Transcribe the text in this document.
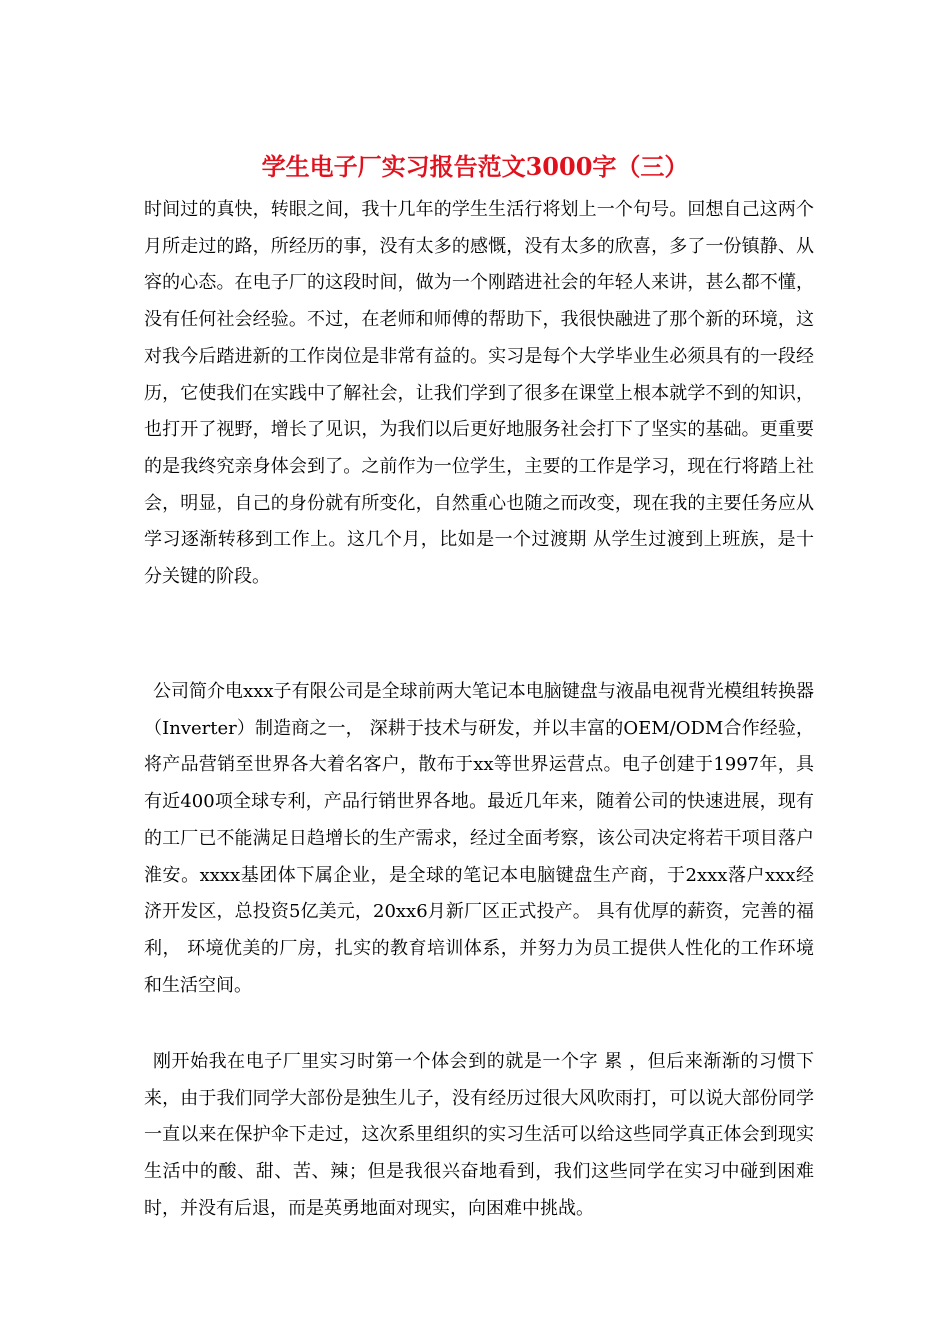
学生电子厂实习报告范文3000字（三）

时间过的真快，转眼之间，我十几年的学生生活行将划上一个句号。回想自己这两个月所走过的路，所经历的事，没有太多的感慨，没有太多的欣喜，多了一份镇静、从容的心态。在电子厂的这段时间，做为一个刚踏进社会的年轻人来讲，甚么都不懂，没有任何社会经验。不过，在老师和师傅的帮助下，我很快融进了那个新的环境，这对我今后踏进新的工作岗位是非常有益的。实习是每个大学毕业生必须具有的一段经历，它使我们在实践中了解社会，让我们学到了很多在课堂上根本就学不到的知识，也打开了视野，增长了见识，为我们以后更好地服务社会打下了坚实的基础。更重要的是我终究亲身体会到了。之前作为一位学生，主要的工作是学习，现在行将踏上社会，明显，自己的身份就有所变化，自然重心也随之而改变，现在我的主要任务应从学习逐渐转移到工作上。这几个月，比如是一个过渡期 从学生过渡到上班族，是十分关键的阶段。

公司简介电xxx子有限公司是全球前两大笔记本电脑键盘与液晶电视背光模组转换器（Inverter）制造商之一， 深耕于技术与研发，并以丰富的OEM/ODM合作经验，将产品营销至世界各大着名客户，散布于xx等世界运营点。电子创建于1997年，具有近400项全球专利，产品行销世界各地。最近几年来，随着公司的快速进展，现有的工厂已不能满足日趋增长的生产需求，经过全面考察，该公司决定将若干项目落户淮安。xxxx基团体下属企业，是全球的笔记本电脑键盘生产商，于2xxx落户xxx经济开发区，总投资5亿美元，20xx6月新厂区正式投产。 具有优厚的薪资，完善的福利， 环境优美的厂房，扎实的教育培训体系，并努力为员工提供人性化的工作环境和生活空间。

刚开始我在电子厂里实习时第一个体会到的就是一个字 累 ，但后来渐渐的习惯下来，由于我们同学大部份是独生儿子，没有经历过很大风吹雨打，可以说大部份同学一直以来在保护伞下走过，这次系里组织的实习生活可以给这些同学真正体会到现实生活中的酸、甜、苦、辣；但是我很兴奋地看到，我们这些同学在实习中碰到困难时，并没有后退，而是英勇地面对现实，向困难中挑战。
